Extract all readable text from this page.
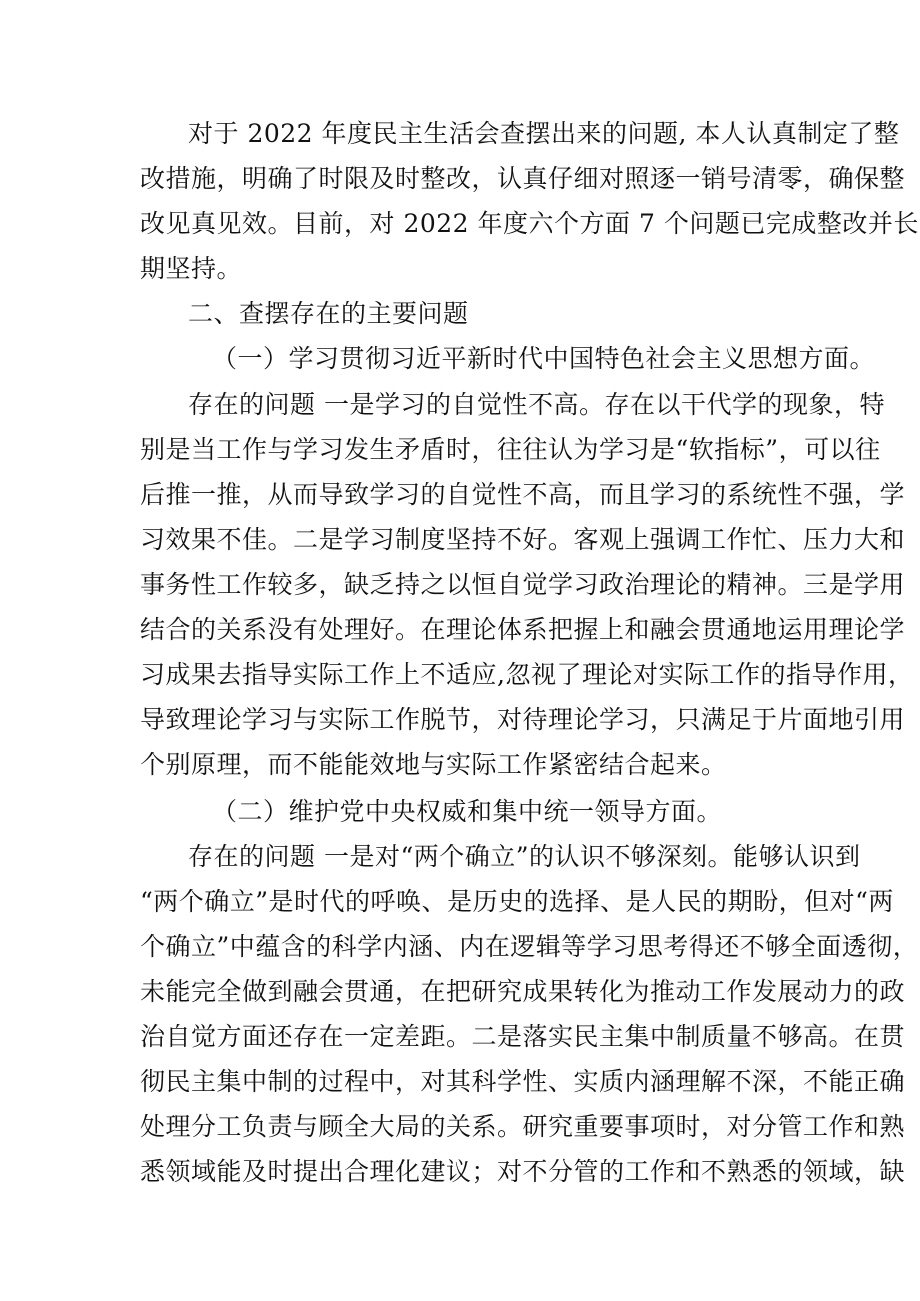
对于 2022 年度民主生活会查摆出来的问题, 本人认真制定了整
改措施，明确了时限及时整改，认真仔细对照逐一销号清零，确保整
改见真见效。目前，对 2022 年度六个方面 7 个问题已完成整改并长
期坚持。
二、查摆存在的主要问题
（一）学习贯彻习近平新时代中国特色社会主义思想方面。
存在的问题 一是学习的自觉性不高。存在以干代学的现象，特
别是当工作与学习发生矛盾时，往往认为学习是“软指标”，可以往
后推一推，从而导致学习的自觉性不高，而且学习的系统性不强，学
习效果不佳。二是学习制度坚持不好。客观上强调工作忙、压力大和
事务性工作较多，缺乏持之以恒自觉学习政治理论的精神。三是学用
结合的关系没有处理好。在理论体系把握上和融会贯通地运用理论学
习成果去指导实际工作上不适应,忽视了理论对实际工作的指导作用，
导致理论学习与实际工作脱节，对待理论学习，只满足于片面地引用
个别原理，而不能能效地与实际工作紧密结合起来。
（二）维护党中央权威和集中统一领导方面。
存在的问题 一是对“两个确立”的认识不够深刻。能够认识到
“两个确立”是时代的呼唤、是历史的选择、是人民的期盼，但对“两
个确立”中蕴含的科学内涵、内在逻辑等学习思考得还不够全面透彻，
未能完全做到融会贯通，在把研究成果转化为推动工作发展动力的政
治自觉方面还存在一定差距。二是落实民主集中制质量不够高。在贯
彻民主集中制的过程中，对其科学性、实质内涵理解不深，不能正确
处理分工负责与顾全大局的关系。研究重要事项时，对分管工作和熟
悉领域能及时提出合理化建议；对不分管的工作和不熟悉的领域，缺
